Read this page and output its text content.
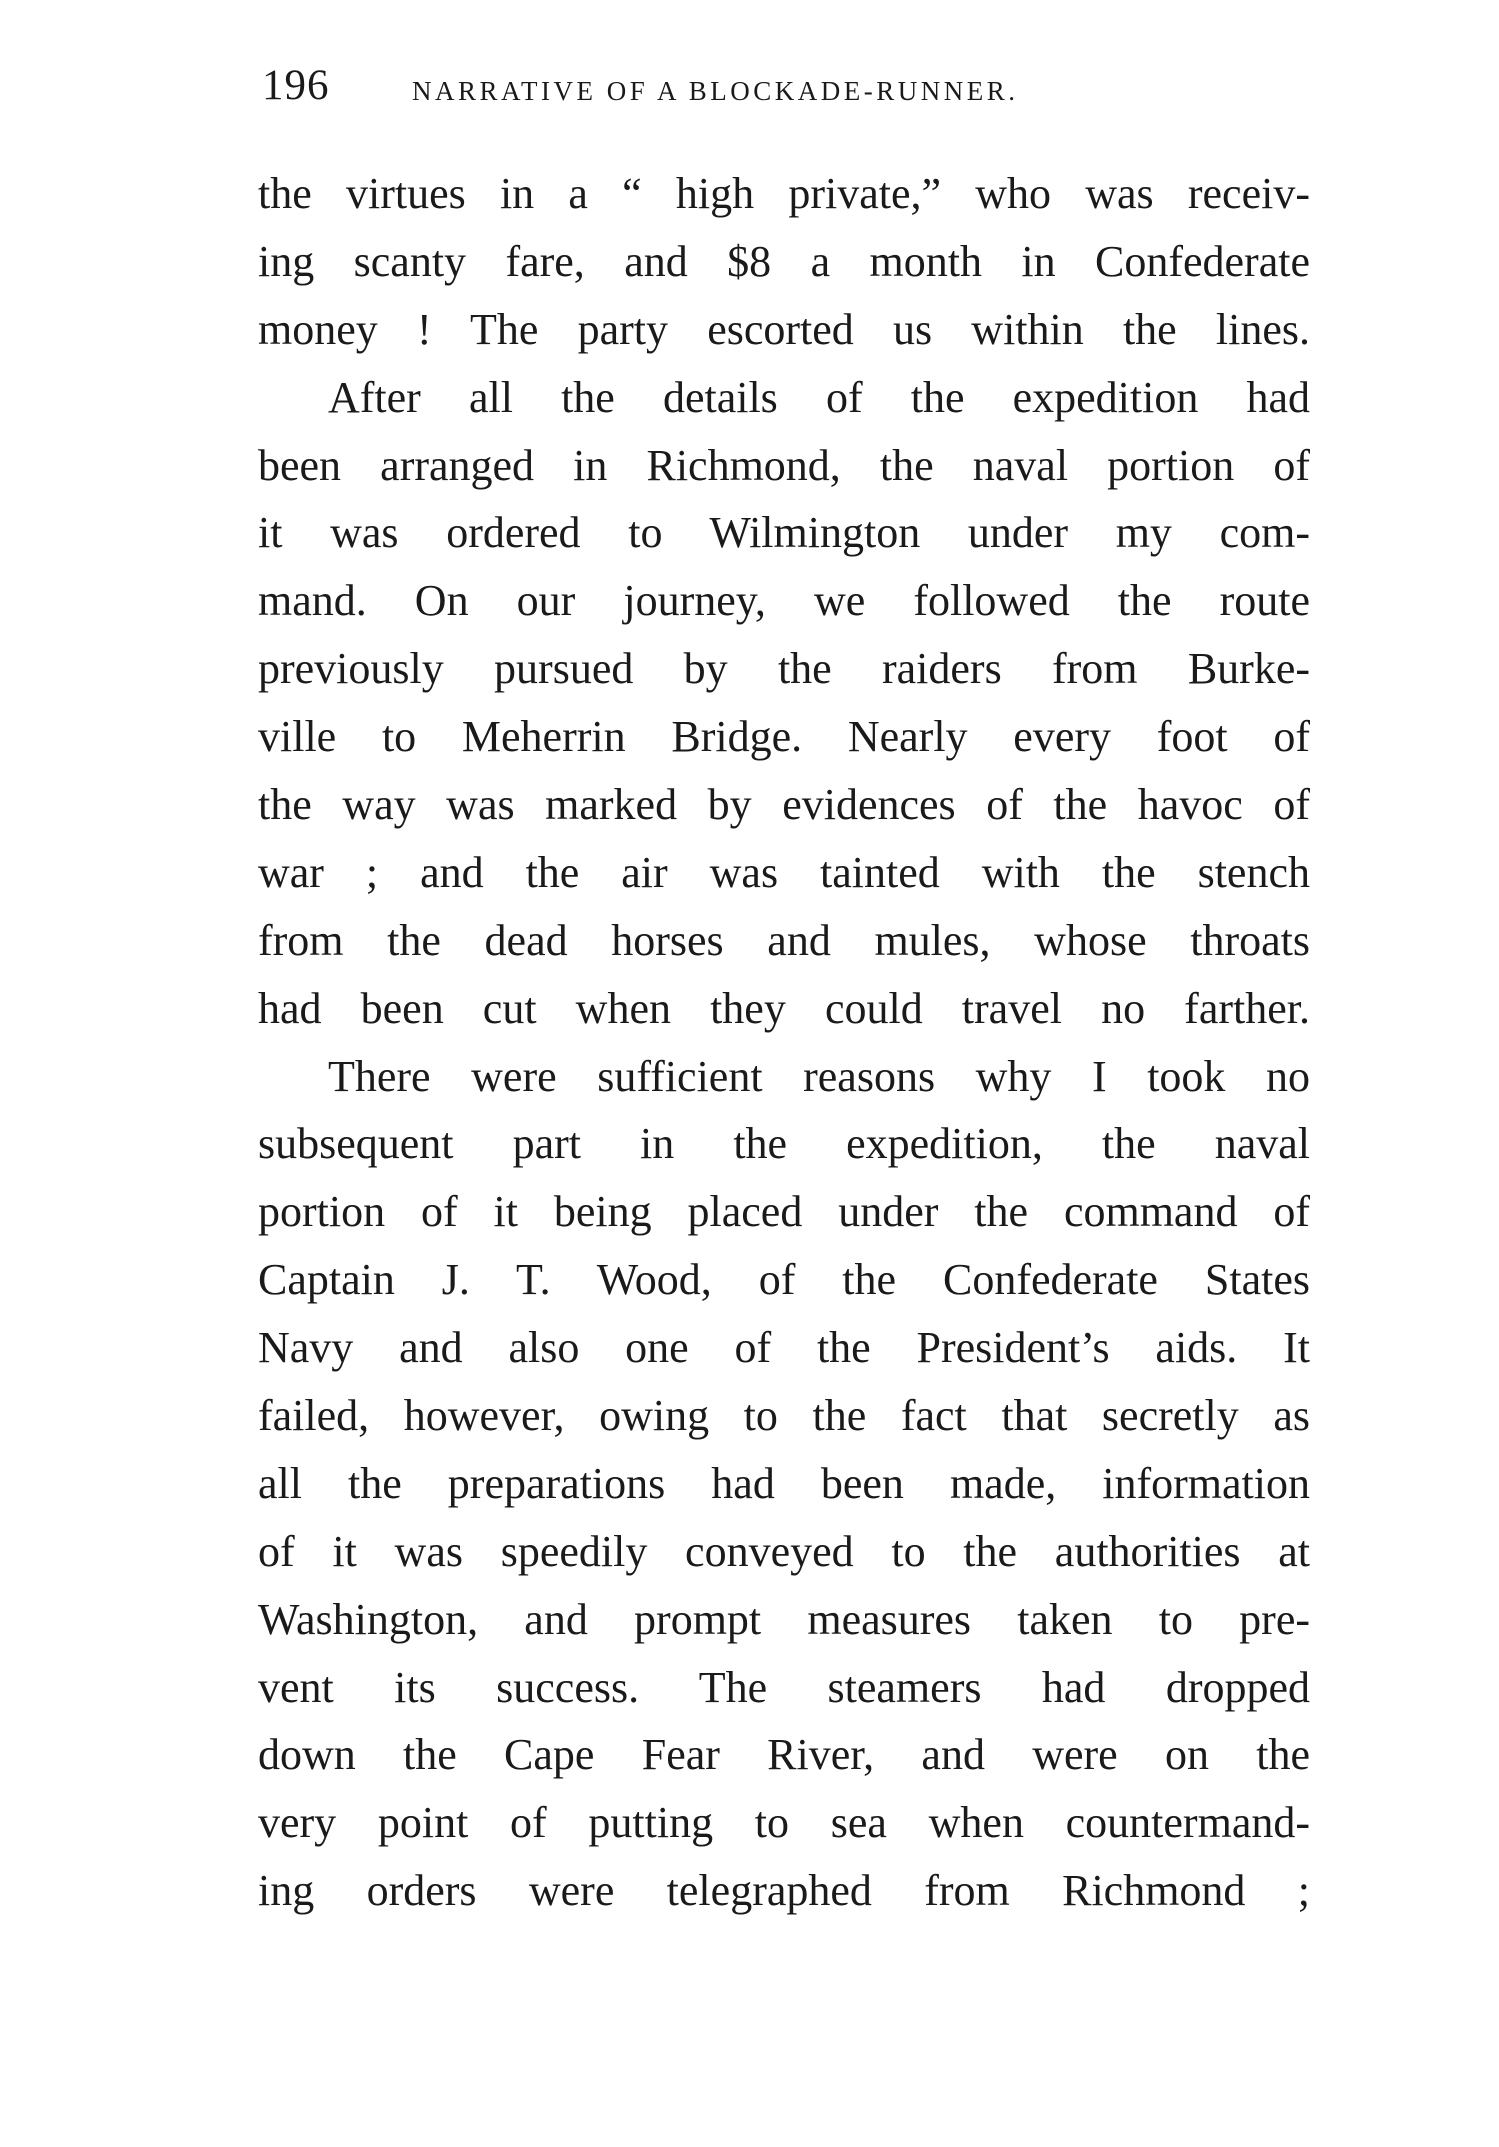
196	NARRATIVE OF A BLOCKADE-RUNNER.
the virtues in a “ high private,” who was receiv-
ing scanty fare, and $8 a month in Confederate
money ! The party escorted us within the lines.
After all the details of the expedition had
been arranged in Richmond, the naval portion of
it was ordered to Wilmington under my com-
mand. On our journey, we followed the route
previously pursued by the raiders from Burke-
ville to Meherrin Bridge. Nearly every foot of
the way was marked by evidences of the havoc of
war ; and the air was tainted with the stench
from the dead horses and mules, whose throats
had been cut when they could travel no farther.
There were sufficient reasons why I took no
subsequent part in the expedition, the naval
portion of it being placed under the command of
Captain J. T. Wood, of the Confederate States
Navy and also one of the President’s aids. It
failed, however, owing to the fact that secretly as
all the preparations had been made, information
of it was speedily conveyed to the authorities at
Washington, and prompt measures taken to pre-
vent its success. The steamers had dropped
down the Cape Fear River, and were on the
very point of putting to sea when countermand-
ing orders were telegraphed from Richmond ;
